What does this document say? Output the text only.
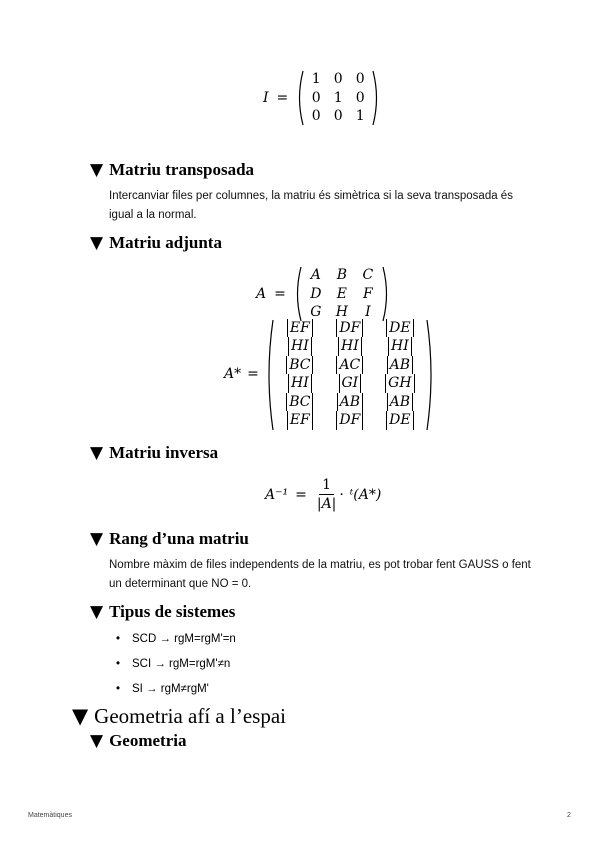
I =
1 0 0
0 1 0
0 0 1
▼ Matriu transposada

Intercanviar files per columnes, la matriu és simètrica si la seva transposada és igual a la normal.

▼ Matriu adjunta
A =
A	B	C
D	E	F
G	H	I
A* =
EF	DF	DE
HI	HI	HI
BC	AC	AB
HI	GI	GH
BC	AB	AB
EF	DF	DE
▼ Matriu inversa
$A^{-1} = \frac{1}{|A|}$ · ᵗ(A*)
▼ Rang d’una matriu

Nombre màxim de files independents de la matriu, es pot trobar fent GAUSS o fent un determinant que NO = 0.

▼ Tipus de sistemes
• SCD → rgM=rgM'=n
• SCI → rgM=rgM'≠n
• SI → rgM≠rgM'
▼ Geometria afí a l’espai
▼ Geometria
Matemàtiques	2
